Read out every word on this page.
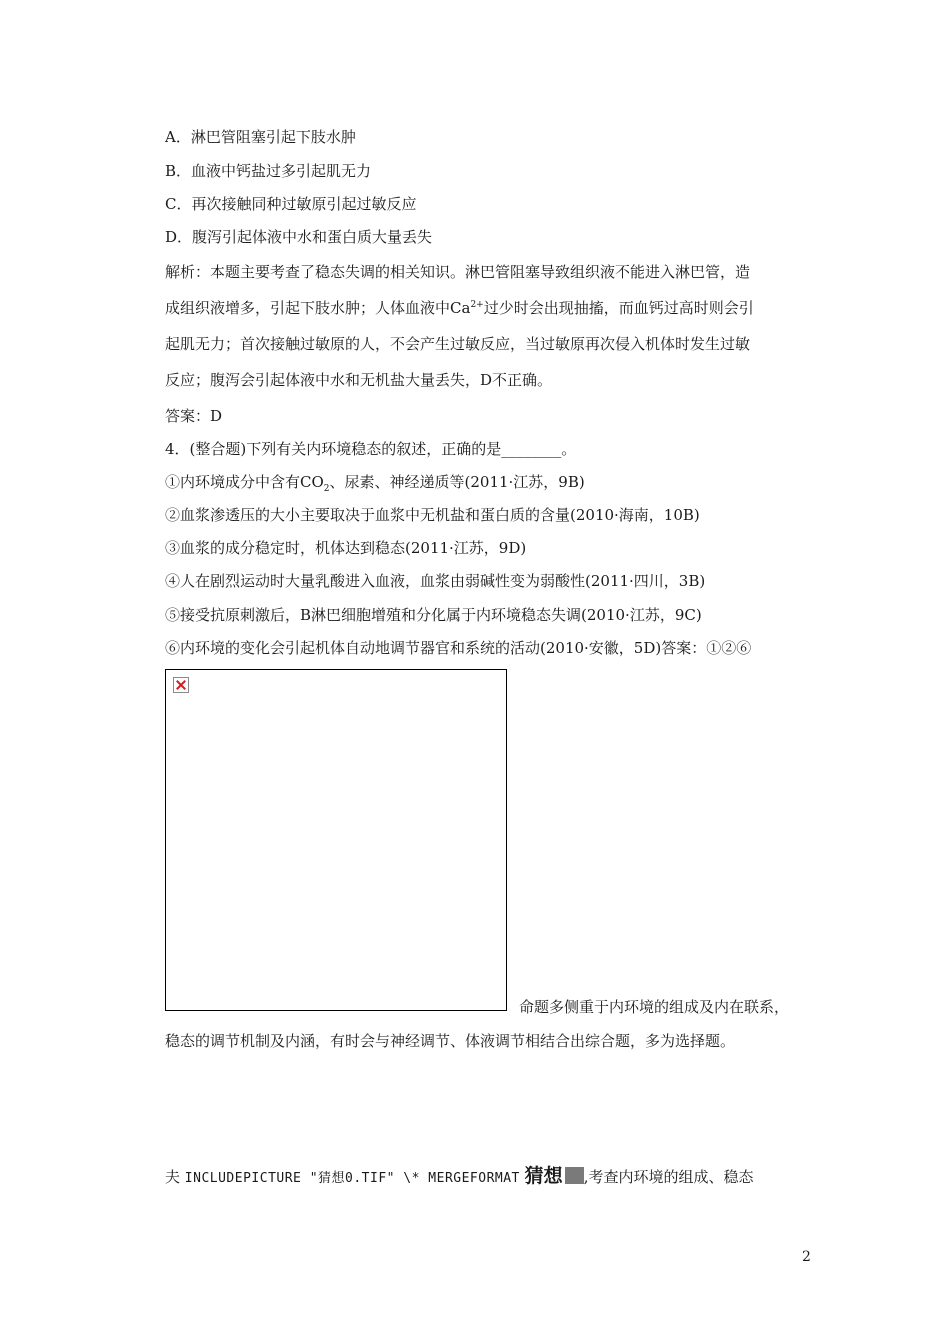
A．淋巴管阻塞引起下肢水肿
B．血液中钙盐过多引起肌无力
C．再次接触同种过敏原引起过敏反应
D．腹泻引起体液中水和蛋白质大量丢失
解析：本题主要考查了稳态失调的相关知识。淋巴管阻塞导致组织液不能进入淋巴管，造
成组织液增多，引起下肢水肿；人体血液中$Ca^{2+}$过少时会出现抽搐，而血钙过高时则会引
起肌无力；首次接触过敏原的人，不会产生过敏反应，当过敏原再次侵入机体时发生过敏
反应；腹泻会引起体液中水和无机盐大量丢失，D不正确。
答案：D
4．(整合题)下列有关内环境稳态的叙述，正确的是________。
①内环境成分中含有$CO_2$、尿素、神经递质等(2011·江苏，9B)
②血浆渗透压的大小主要取决于血浆中无机盐和蛋白质的含量(2010·海南，10B)
③血浆的成分稳定时，机体达到稳态(2011·江苏，9D)
④人在剧烈运动时大量乳酸进入血液，血浆由弱碱性变为弱酸性(2011·四川，3B)
⑤接受抗原刺激后，B淋巴细胞增殖和分化属于内环境稳态失调(2010·江苏，9C)
⑥内环境的变化会引起机体自动地调节器官和系统的活动(2010·安徽，5D)答案：①②⑥
命题多侧重于内环境的组成及内在联系，
稳态的调节机制及内涵，有时会与神经调节、体液调节相结合出综合题，多为选择题。
夫 INCLUDEPICTURE "猜想0.TIF" \* MERGEFORMAT 猜想 ,考查内环境的组成、稳态
2
